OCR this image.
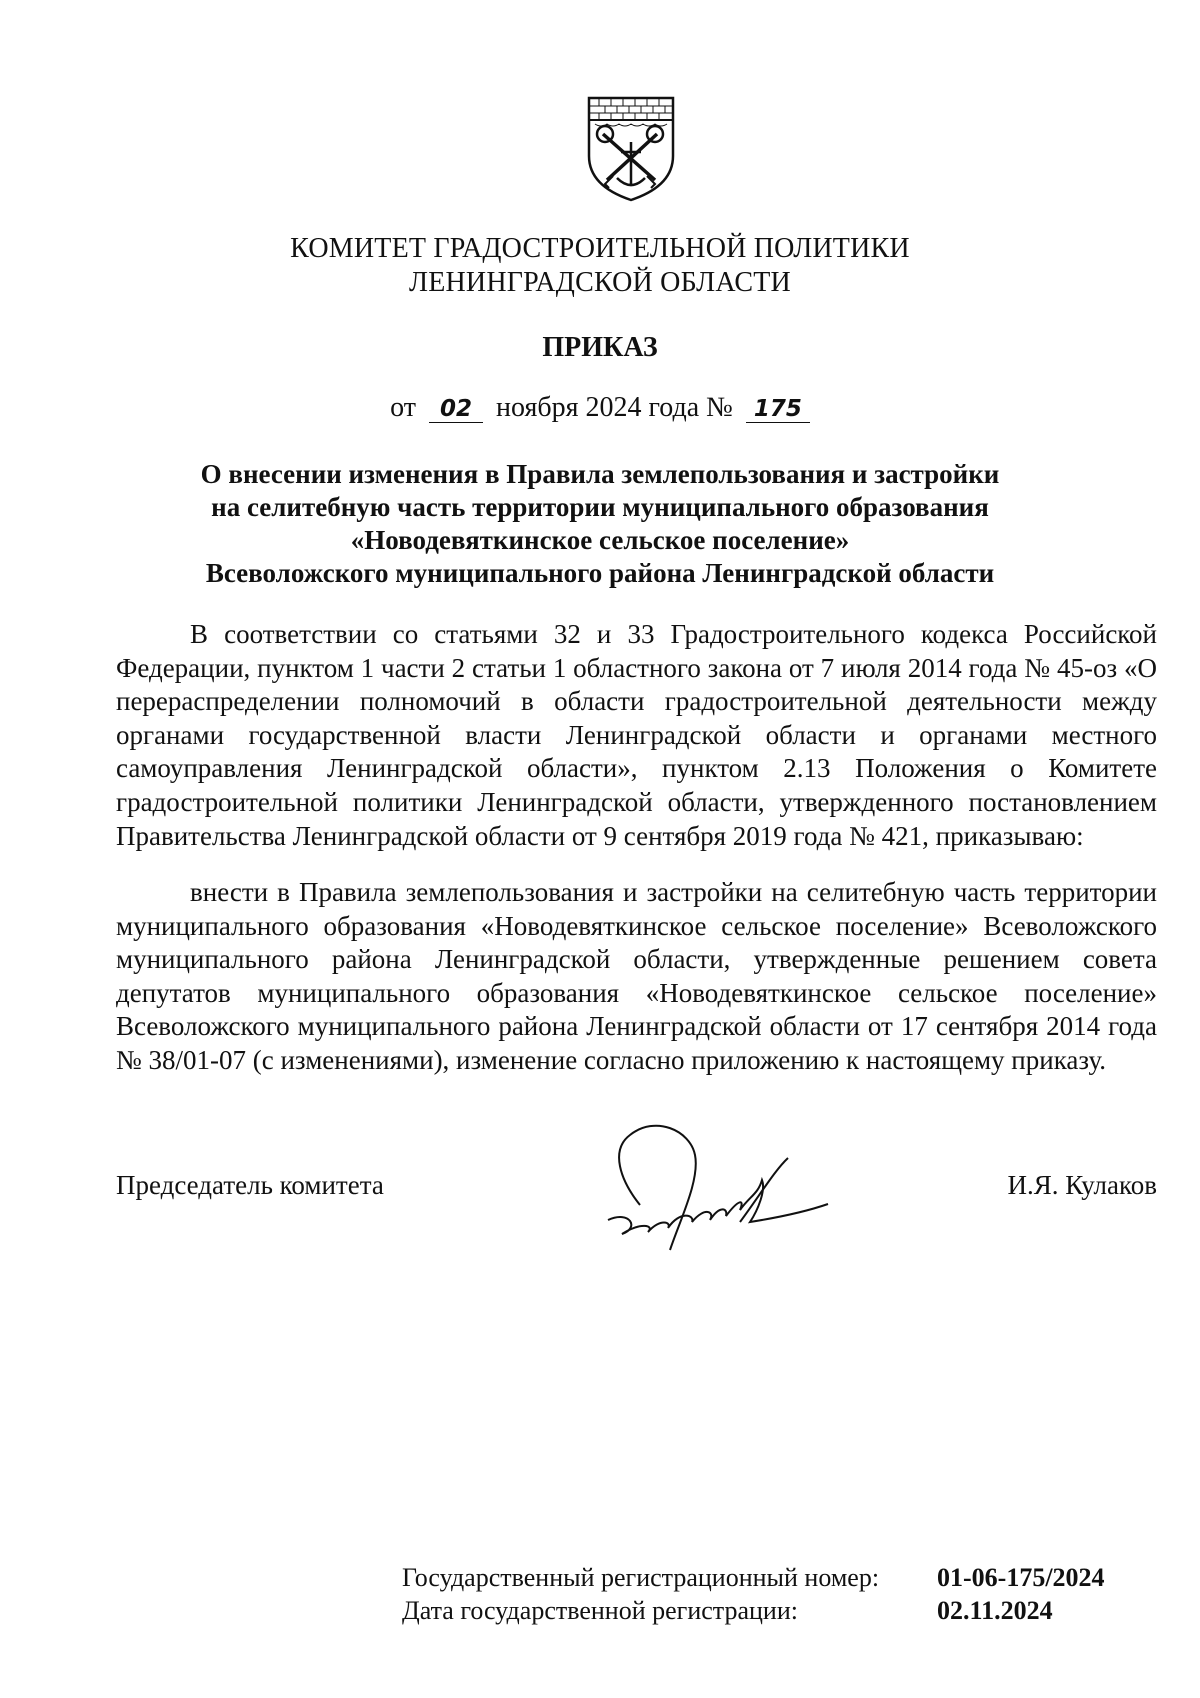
КОМИТЕТ ГРАДОСТРОИТЕЛЬНОЙ ПОЛИТИКИ
ЛЕНИНГРАДСКОЙ ОБЛАСТИ
ПРИКАЗ
от 02 ноября 2024 года № 175
О внесении изменения в Правила землепользования и застройки
на селитебную часть территории муниципального образования
«Новодевяткинское сельское поселение»
Всеволожского муниципального района Ленинградской области
В соответствии со статьями 32 и 33 Градостроительного кодекса Российской Федерации, пунктом 1 части 2 статьи 1 областного закона от 7 июля 2014 года № 45-оз «О перераспределении полномочий в области градостроительной деятельности между органами государственной власти Ленинградской области и органами местного самоуправления Ленинградской области», пунктом 2.13 Положения о Комитете градостроительной политики Ленинградской области, утвержденного постановлением Правительства Ленинградской области от 9 сентября 2019 года № 421, приказываю:
внести в Правила землепользования и застройки на селитебную часть территории муниципального образования «Новодевяткинское сельское поселение» Всеволожского муниципального района Ленинградской области, утвержденные решением совета депутатов муниципального образования «Новодевяткинское сельское поселение» Всеволожского муниципального района Ленинградской области от 17 сентября 2014 года № 38/01-07 (с изменениями), изменение согласно приложению к настоящему приказу.
Председатель комитета	И.Я. Кулаков
Государственный регистрационный номер: 01-06-175/2024
Дата государственной регистрации:	02.11.2024
